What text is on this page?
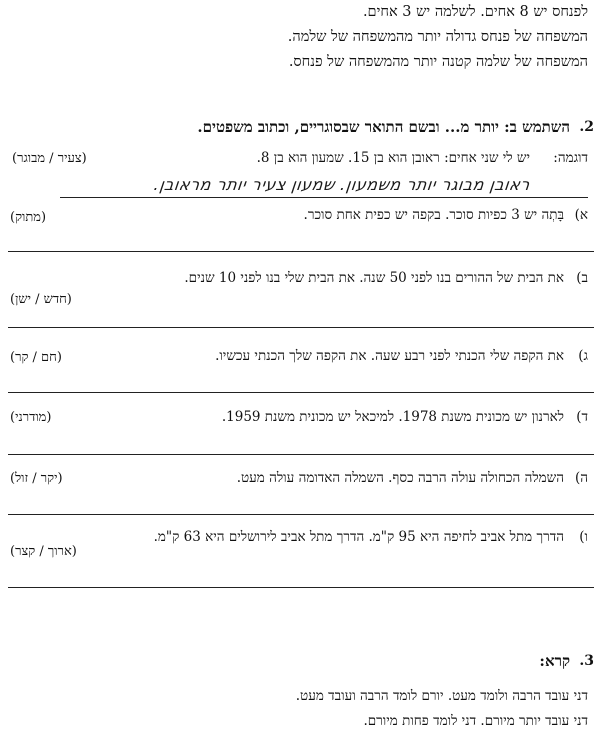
לפנחס יש 8 אחים. לשלמה יש 3 אחים.
המשפחה של פנחס גדולה יותר מהמשפחה של שלמה.
המשפחה של שלמה קטנה יותר מהמשפחה של פנחס.
2.
השתמש ב: יותר מ... ובשם התואר שבסוגריים, וכתוב משפטים.
דוגמה:
יש לי שני אחים: ראובן הוא בן 15. שמעון הוא בן 8.
(צעיר / מבוגר)
ראובן מבוגר יותר משמעון. שמעון צעיר יותר מראובן.
א)
בָּתְה יש 3 כפיות סוכר. בקפה יש כפית אחת סוכר.
(מתוק)
ב)
את הבית של ההורים בנו לפני 50 שנה. את הבית שלי בנו לפני 10 שנים.
(חדש / ישן)
ג)
את הקפה שלי הכנתי לפני רבע שעה. את הקפה שלך הכנתי עכשיו.
(חם / קר)
ד)
לארנון יש מכונית משנת 1978. למיכאל יש מכונית משנת 1959.
(מודרני)
ה)
השמלה הכחולה עולה הרבה כסף. השמלה האדומה עולה מעט.
(יקר / זול)
ו)
הדרך מתל אביב לחיפה היא 95 ק"מ. הדרך מתל אביב לירושלים היא 63 ק"מ.
(ארוך / קצר)
3.
קרא:
דני עובד הרבה ולומד מעט. יורם לומד הרבה ועובד מעט.
דני עובד יותר מיורם. דני לומד פחות מיורם.
